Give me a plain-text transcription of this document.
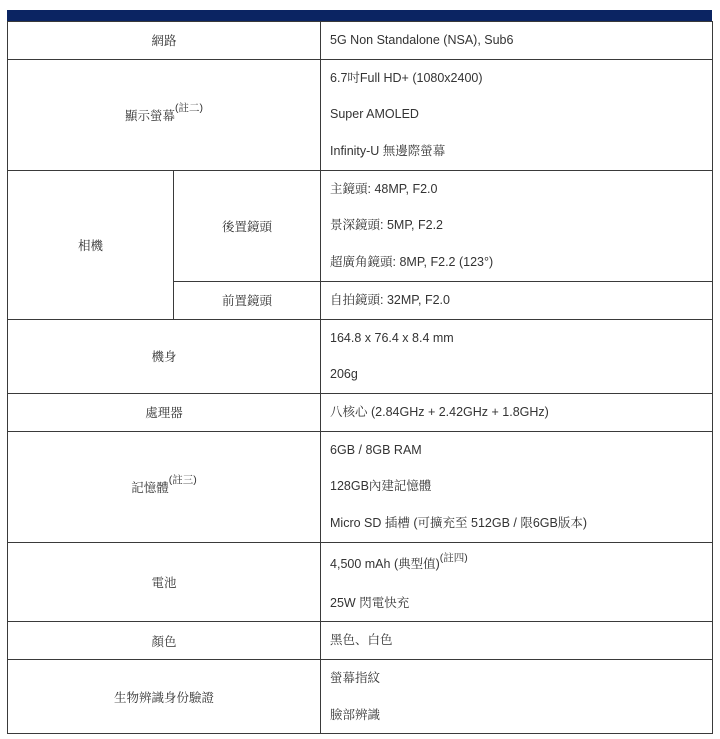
網路		5G Non Standalone (NSA), Sub6

顯示螢幕$^{(註二)}$		6.7吋Full HD+ (1080x2400)
Super AMOLED
Infinity-U 無邊際螢幕

相機	後置鏡頭	主鏡頭: 48MP, F2.0
景深鏡頭: 5MP, F2.2
超廣角鏡頭: 8MP, F2.2 (123°)

	前置鏡頭	自拍鏡頭: 32MP, F2.0

機身		164.8 x 76.4 x 8.4 mm
206g

處理器		八核心 (2.84GHz + 2.42GHz + 1.8GHz)

記憶體$^{(註三)}$		6GB / 8GB RAM
128GB內建記憶體
Micro SD 插槽 (可擴充至 512GB / 限6GB版本)

電池		4,500 mAh (典型值)$^{(註四)}$
25W 閃電快充

顏色		黑色、白色

生物辨識身份驗證		螢幕指紋
臉部辨識
